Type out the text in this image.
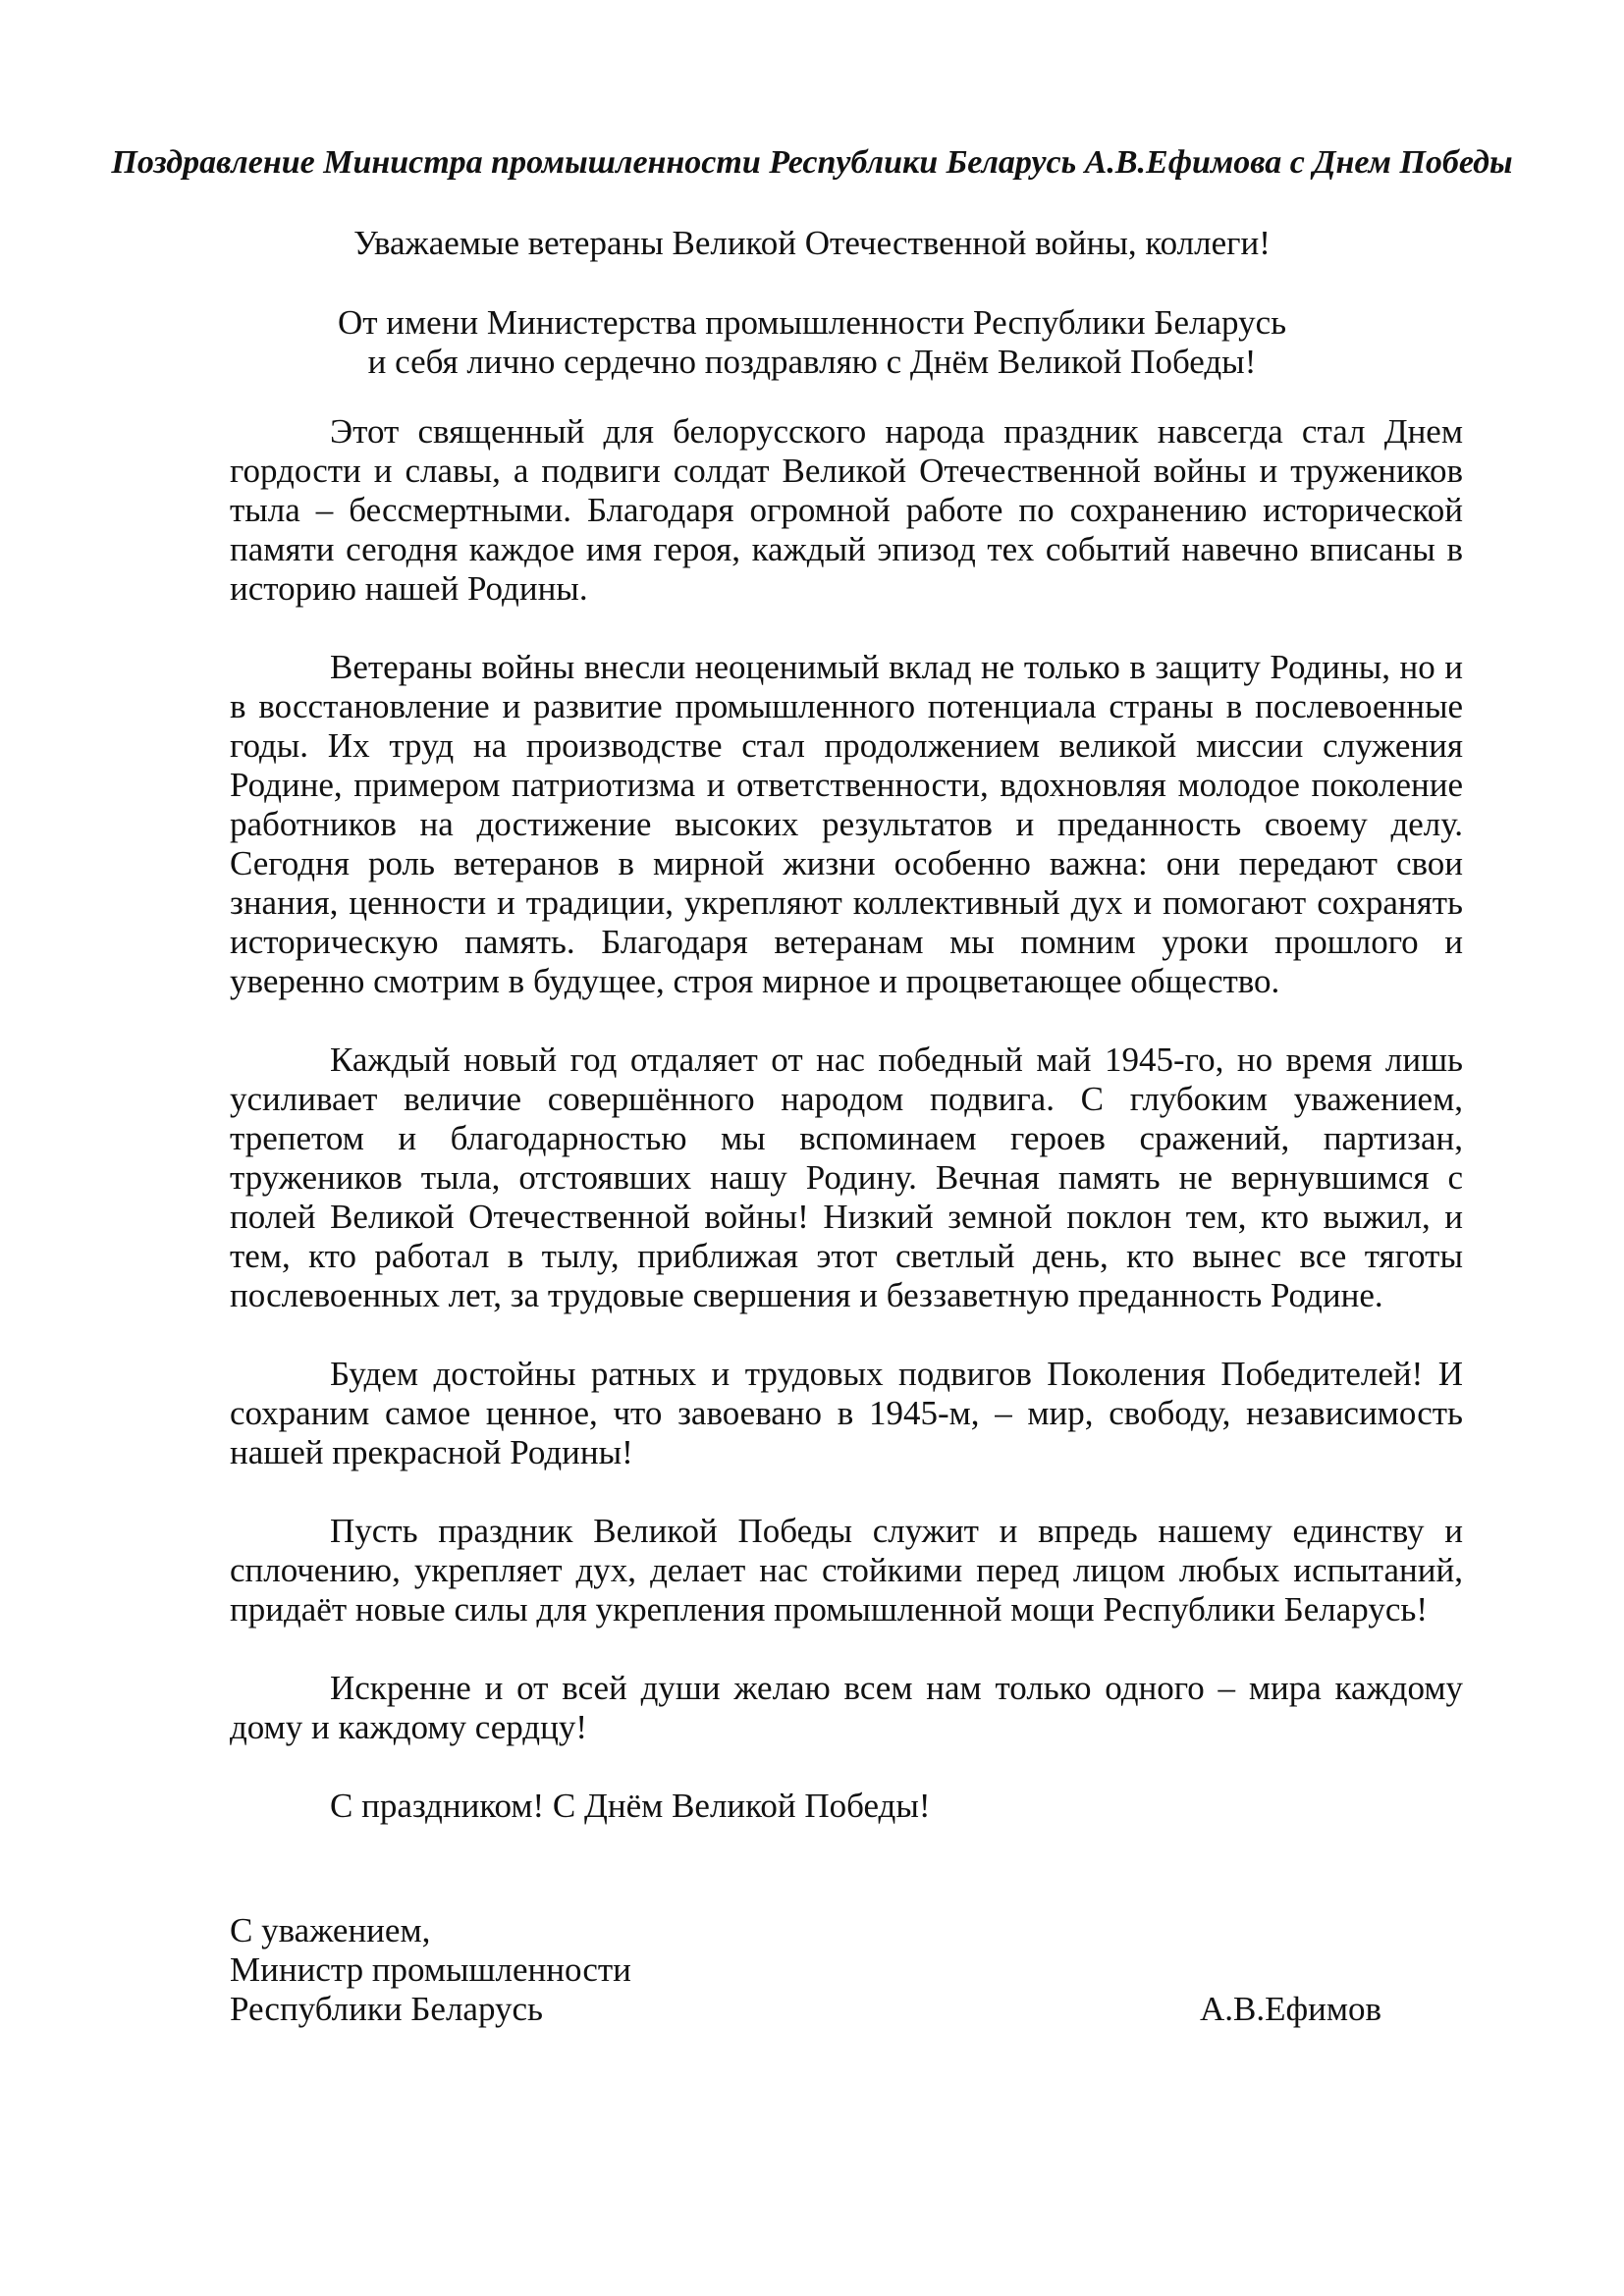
Поздравление Министра промышленности Республики Беларусь А.В.Ефимова с Днем Победы

Уважаемые ветераны Великой Отечественной войны, коллеги!

От имени Министерства промышленности Республики Беларусь

и себя лично сердечно поздравляю с Днём Великой Победы!

Этот священный для белорусского народа праздник навсегда стал Днем гордости и славы, а подвиги солдат Великой Отечественной войны и тружеников тыла – бессмертными. Благодаря огромной работе по сохранению исторической памяти сегодня каждое имя героя, каждый эпизод тех событий навечно вписаны в историю нашей Родины.

Ветераны войны внесли неоценимый вклад не только в защиту Родины, но и в восстановление и развитие промышленного потенциала страны в послевоенные годы. Их труд на производстве стал продолжением великой миссии служения Родине, примером патриотизма и ответственности, вдохновляя молодое поколение работников на достижение высоких результатов и преданность своему делу. Сегодня роль ветеранов в мирной жизни особенно важна: они передают свои знания, ценности и традиции, укрепляют коллективный дух и помогают сохранять историческую память. Благодаря ветеранам мы помним уроки прошлого и уверенно смотрим в будущее, строя мирное и процветающее общество.

Каждый новый год отдаляет от нас победный май 1945-го, но время лишь усиливает величие совершённого народом подвига. С глубоким уважением, трепетом и благодарностью мы вспоминаем героев сражений, партизан, тружеников тыла, отстоявших нашу Родину. Вечная память не вернувшимся с полей Великой Отечественной войны! Низкий земной поклон тем, кто выжил, и тем, кто работал в тылу, приближая этот светлый день, кто вынес все тяготы послевоенных лет, за трудовые свершения и беззаветную преданность Родине.

Будем достойны ратных и трудовых подвигов Поколения Победителей! И сохраним самое ценное, что завоевано в 1945-м, – мир, свободу, независимость нашей прекрасной Родины!

Пусть праздник Великой Победы служит и впредь нашему единству и сплочению, укрепляет дух, делает нас стойкими перед лицом любых испытаний, придаёт новые силы для укрепления промышленной мощи Республики Беларусь!

Искренне и от всей души желаю всем нам только одного – мира каждому дому и каждому сердцу!

С праздником! С Днём Великой Победы!

С уважением,
Министр промышленности
Республики Беларусь	А.В.Ефимов
